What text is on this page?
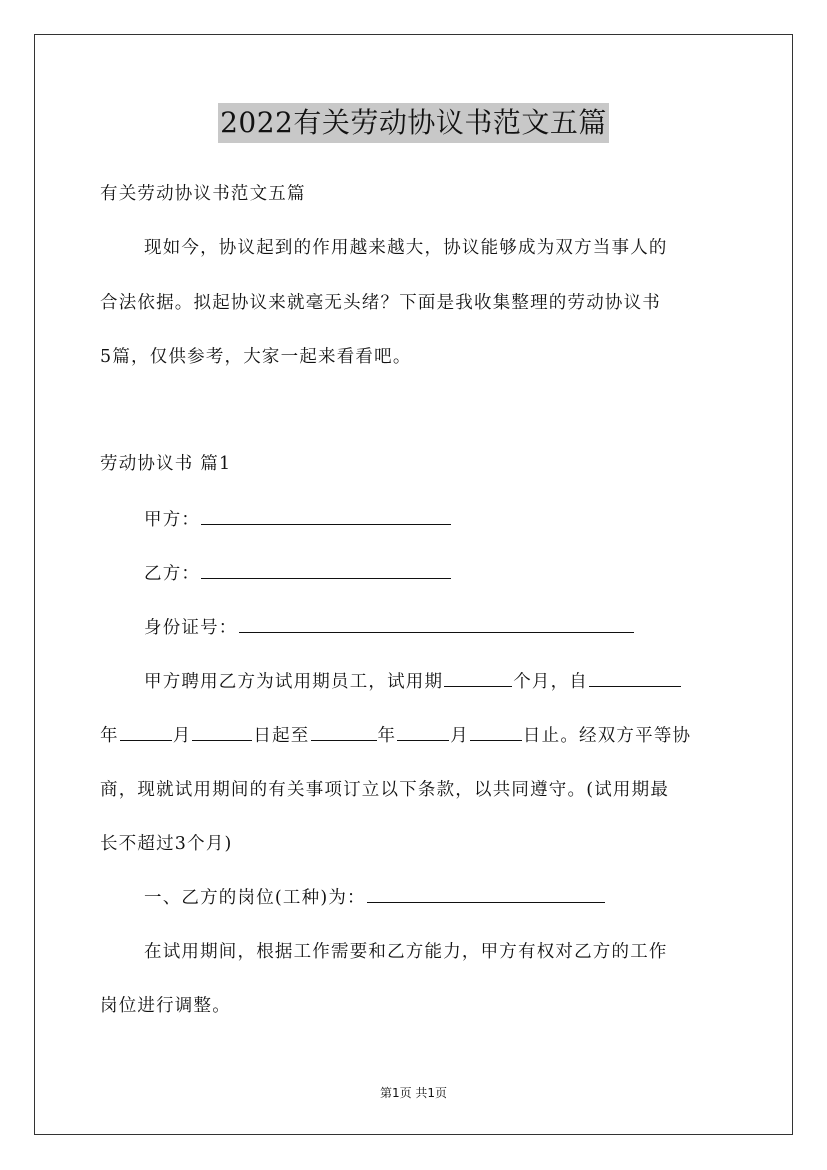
2022有关劳动协议书范文五篇
有关劳动协议书范文五篇
现如今，协议起到的作用越来越大，协议能够成为双方当事人的
合法依据。拟起协议来就毫无头绪？下面是我收集整理的劳动协议书
5篇，仅供参考，大家一起来看看吧。
劳动协议书 篇1
甲方：
乙方：
身份证号：
甲方聘用乙方为试用期员工，试用期	个月，自
年	月	日起至	年	月	日止。经双方平等协
商，现就试用期间的有关事项订立以下条款，以共同遵守。(试用期最
长不超过3个月)
一、乙方的岗位(工种)为：
在试用期间，根据工作需要和乙方能力，甲方有权对乙方的工作
岗位进行调整。
第1页 共1页
